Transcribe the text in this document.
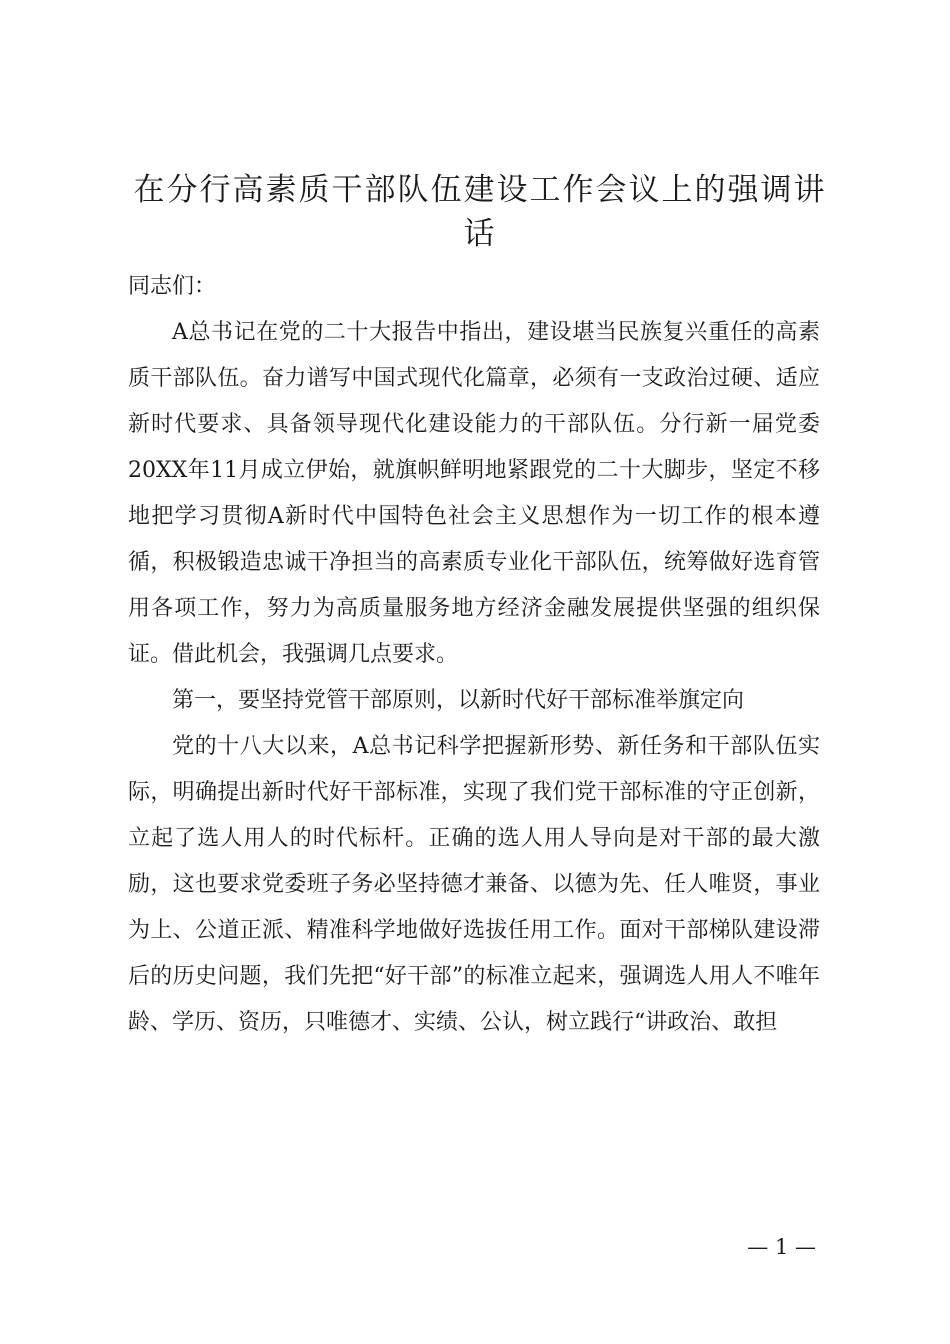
在分行高素质干部队伍建设工作会议上的强调讲话

同志们：

A总书记在党的二十大报告中指出，建设堪当民族复兴重任的高素质干部队伍。奋力谱写中国式现代化篇章，必须有一支政治过硬、适应新时代要求、具备领导现代化建设能力的干部队伍。分行新一届党委20XX年11月成立伊始，就旗帜鲜明地紧跟党的二十大脚步，坚定不移地把学习贯彻A新时代中国特色社会主义思想作为一切工作的根本遵循，积极锻造忠诚干净担当的高素质专业化干部队伍，统筹做好选育管用各项工作，努力为高质量服务地方经济金融发展提供坚强的组织保证。借此机会，我强调几点要求。

第一，要坚持党管干部原则，以新时代好干部标准举旗定向

党的十八大以来，A总书记科学把握新形势、新任务和干部队伍实际，明确提出新时代好干部标准，实现了我们党干部标准的守正创新，立起了选人用人的时代标杆。正确的选人用人导向是对干部的最大激励，这也要求党委班子务必坚持德才兼备、以德为先、任人唯贤，事业为上、公道正派、精准科学地做好选拔任用工作。面对干部梯队建设滞后的历史问题，我们先把“好干部”的标准立起来，强调选人用人不唯年龄、学历、资历，只唯德才、实绩、公认，树立践行“讲政治、敢担

— 1 —
